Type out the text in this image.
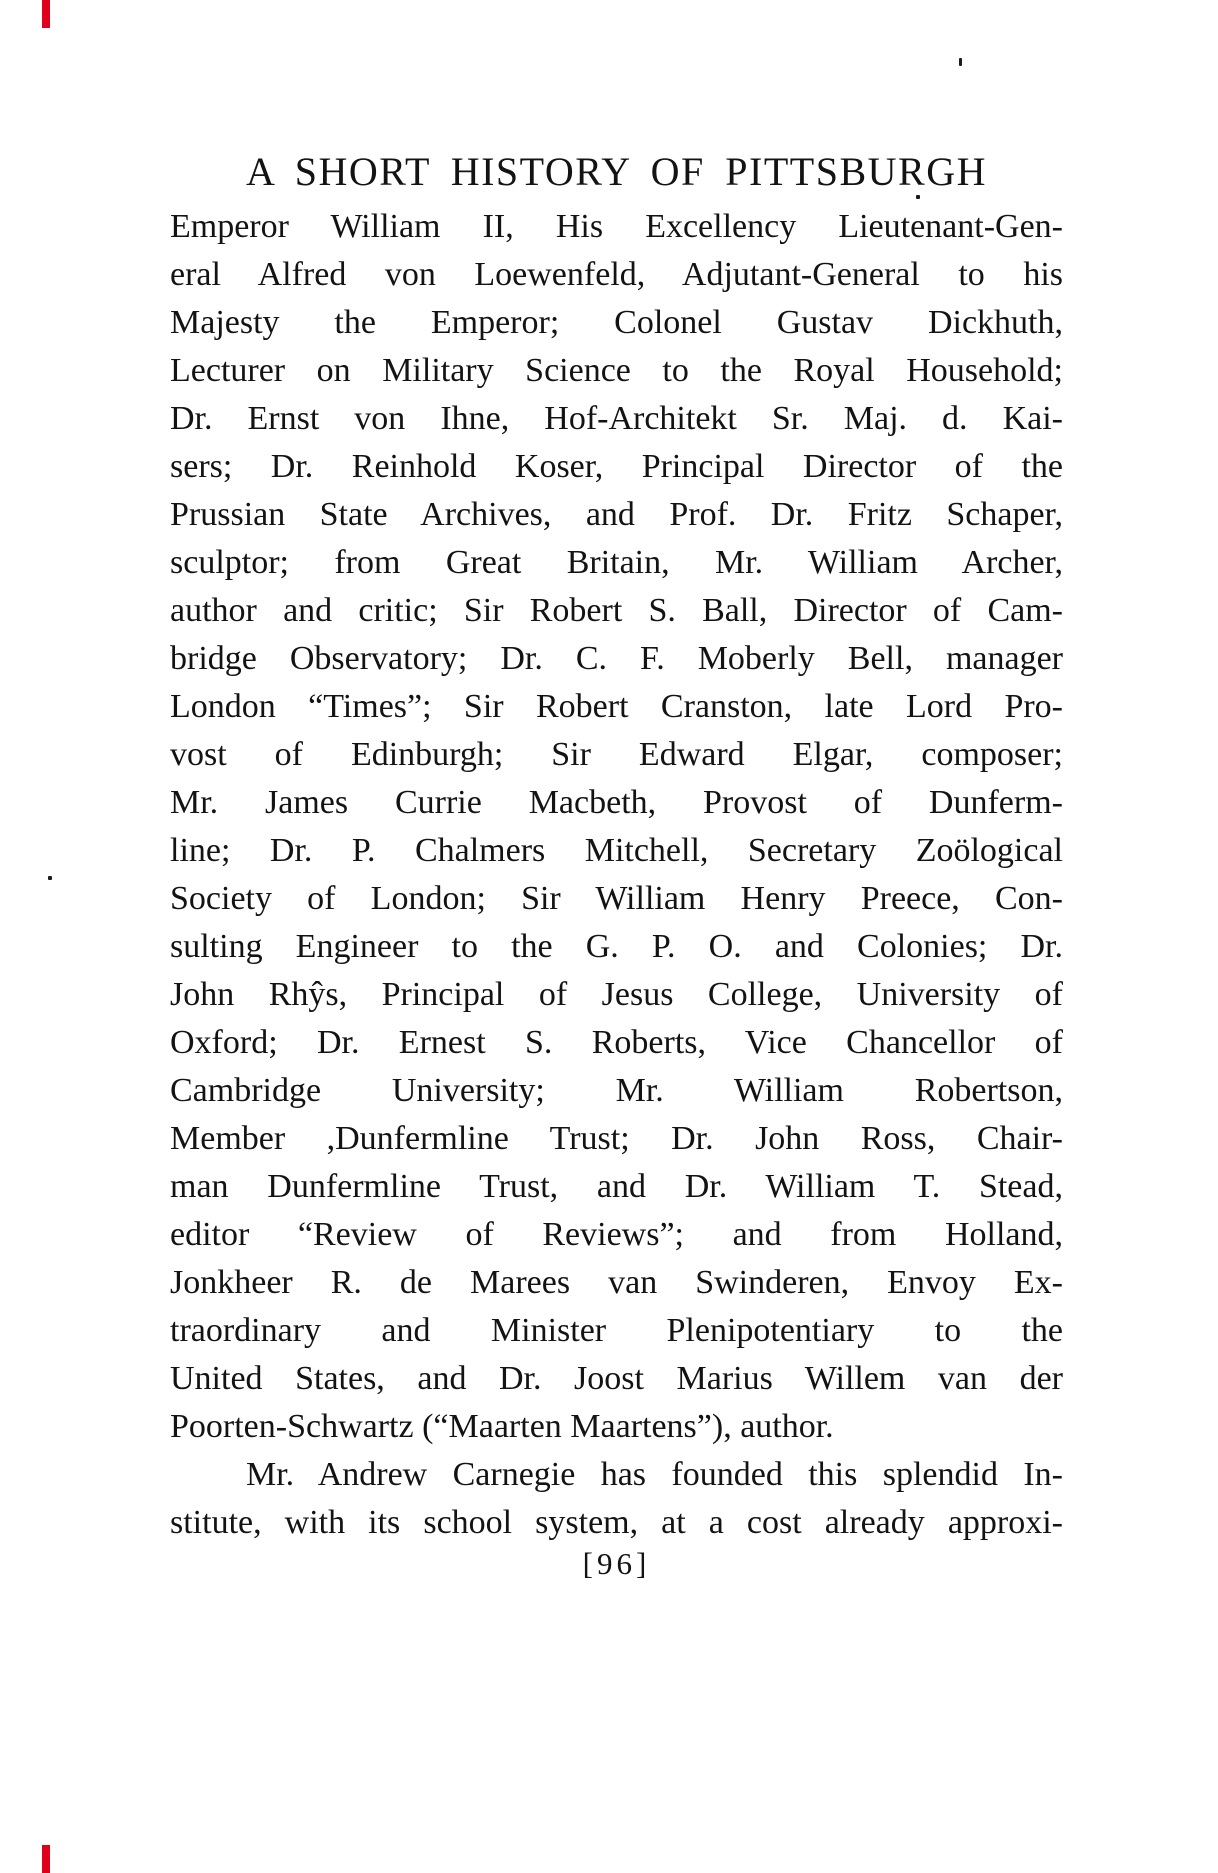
A SHORT HISTORY OF PITTSBURGH
Emperor William II, His Excellency Lieutenant-Gen-
eral Alfred von Loewenfeld, Adjutant-General to his
Majesty the Emperor; Colonel Gustav Dickhuth,
Lecturer on Military Science to the Royal Household;
Dr. Ernst von Ihne, Hof-Architekt Sr. Maj. d. Kai-
sers; Dr. Reinhold Koser, Principal Director of the
Prussian State Archives, and Prof. Dr. Fritz Schaper,
sculptor; from Great Britain, Mr. William Archer,
author and critic; Sir Robert S. Ball, Director of Cam-
bridge Observatory; Dr. C. F. Moberly Bell, manager
London “Times”; Sir Robert Cranston, late Lord Pro-
vost of Edinburgh; Sir Edward Elgar, composer;
Mr. James Currie Macbeth, Provost of Dunferm-
line; Dr. P. Chalmers Mitchell, Secretary Zoölogical
Society of London; Sir William Henry Preece, Con-
sulting Engineer to the G. P. O. and Colonies; Dr.
John Rhŷs, Principal of Jesus College, University of
Oxford; Dr. Ernest S. Roberts, Vice Chancellor of
Cambridge University; Mr. William Robertson,
Member ,Dunfermline Trust; Dr. John Ross, Chair-
man Dunfermline Trust, and Dr. William T. Stead,
editor “Review of Reviews”; and from Holland,
Jonkheer R. de Marees van Swinderen, Envoy Ex-
traordinary and Minister Plenipotentiary to the
United States, and Dr. Joost Marius Willem van der
Poorten-Schwartz (“Maarten Maartens”), author.
Mr. Andrew Carnegie has founded this splendid In-
stitute, with its school system, at a cost already approxi-
[96]
